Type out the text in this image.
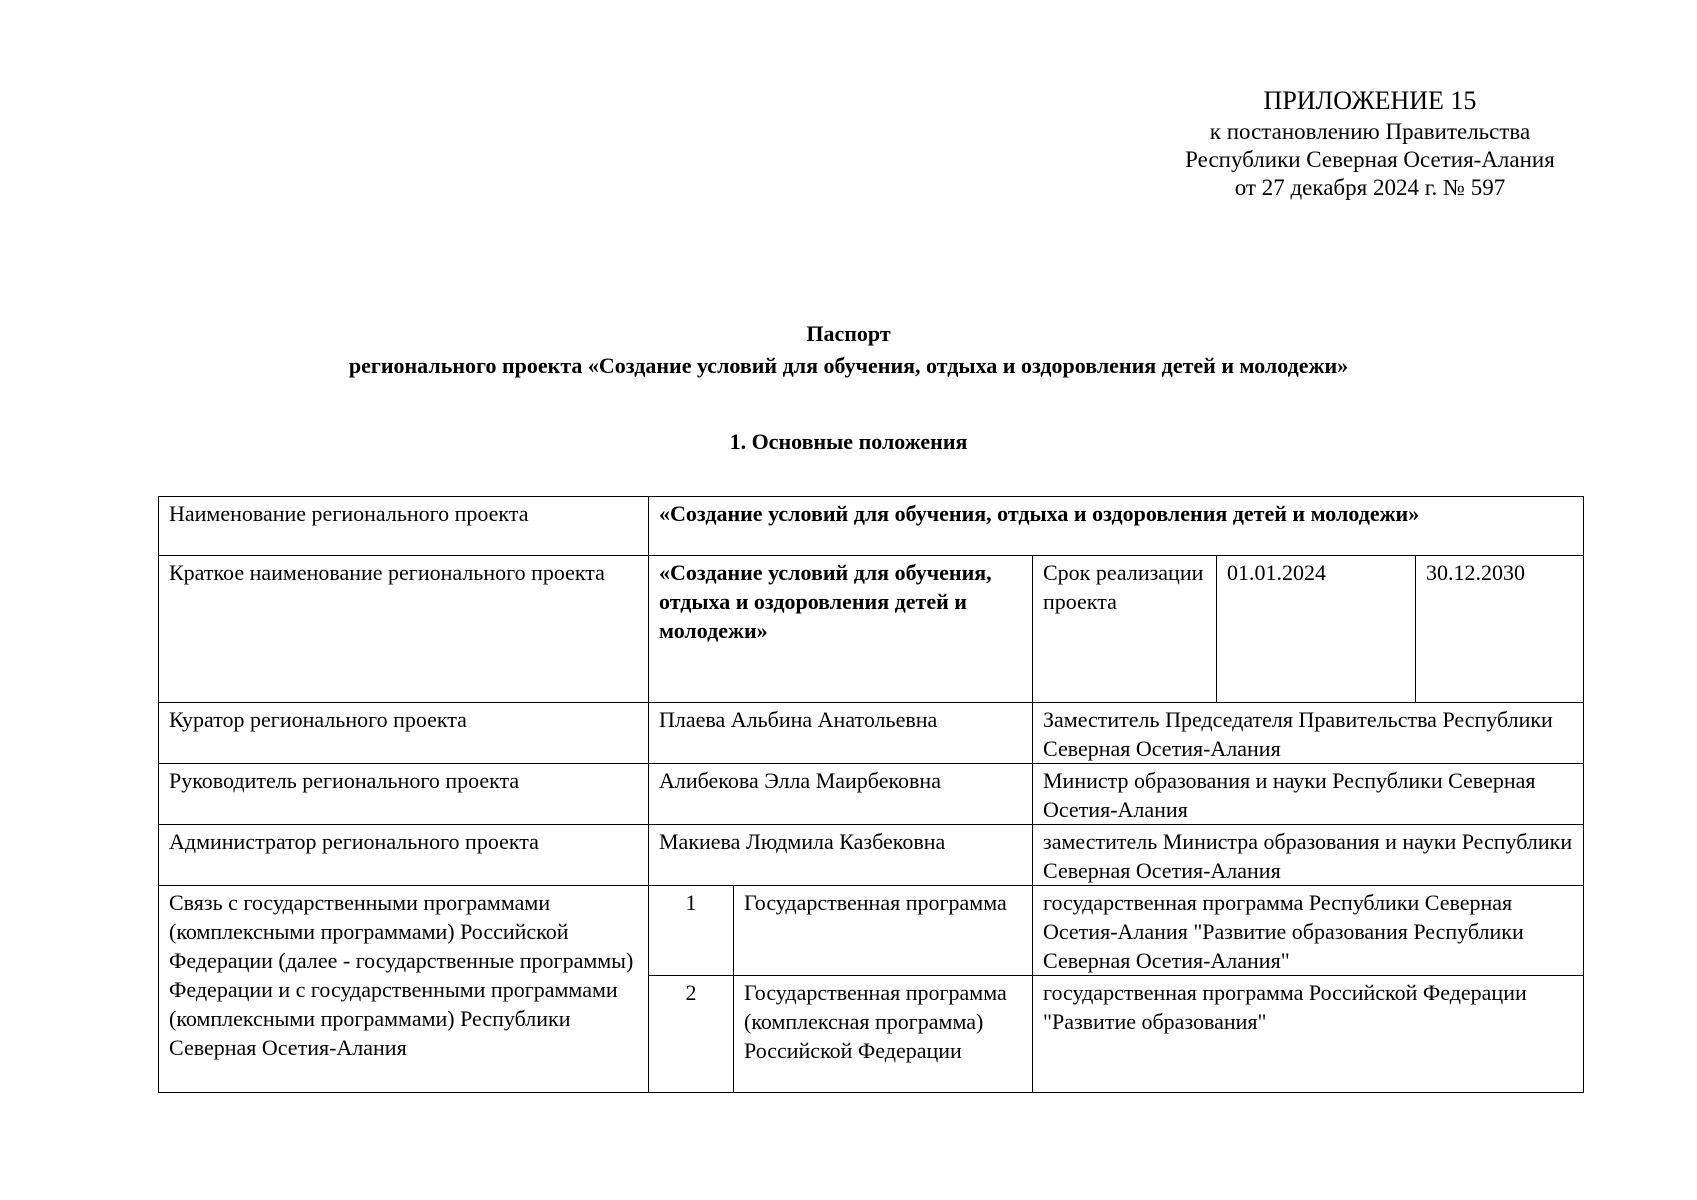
ПРИЛОЖЕНИЕ 15
к постановлению Правительства
Республики Северная Осетия-Алания
от 27 декабря 2024 г. № 597
Паспорт
регионального проекта «Создание условий для обучения, отдыха и оздоровления детей и молодежи»
1. Основные положения
Наименование регионального проекта	«Создание условий для обучения, отдыха и оздоровления детей и молодежи»				
Краткое наименование регионального проекта	«Создание условий для обучения, отдыха и оздоровления детей и молодежи»		Срок реализации проекта	01.01.2024	30.12.2030
Куратор регионального проекта	Плаева Альбина Анатольевна		Заместитель Председателя Правительства Республики Северная Осетия-Алания		
Руководитель регионального проекта	Алибекова Элла Маирбековна		Министр образования и науки Республики Северная Осетия-Алания		
Администратор регионального проекта	Макиева Людмила Казбековна		заместитель Министра образования и науки Республики Северная Осетия-Алания		
Связь с государственными программами (комплексными программами) Российской Федерации (далее - государственные программы) Федерации и с государственными программами (комплексными программами) Республики Северная Осетия-Алания	1	Государственная программа	государственная программа Республики Северная Осетия-Алания "Развитие образования Республики Северная Осетия-Алания"		
	2	Государственная программа (комплексная программа) Российской Федерации	государственная программа Российской Федерации "Развитие образования"		
